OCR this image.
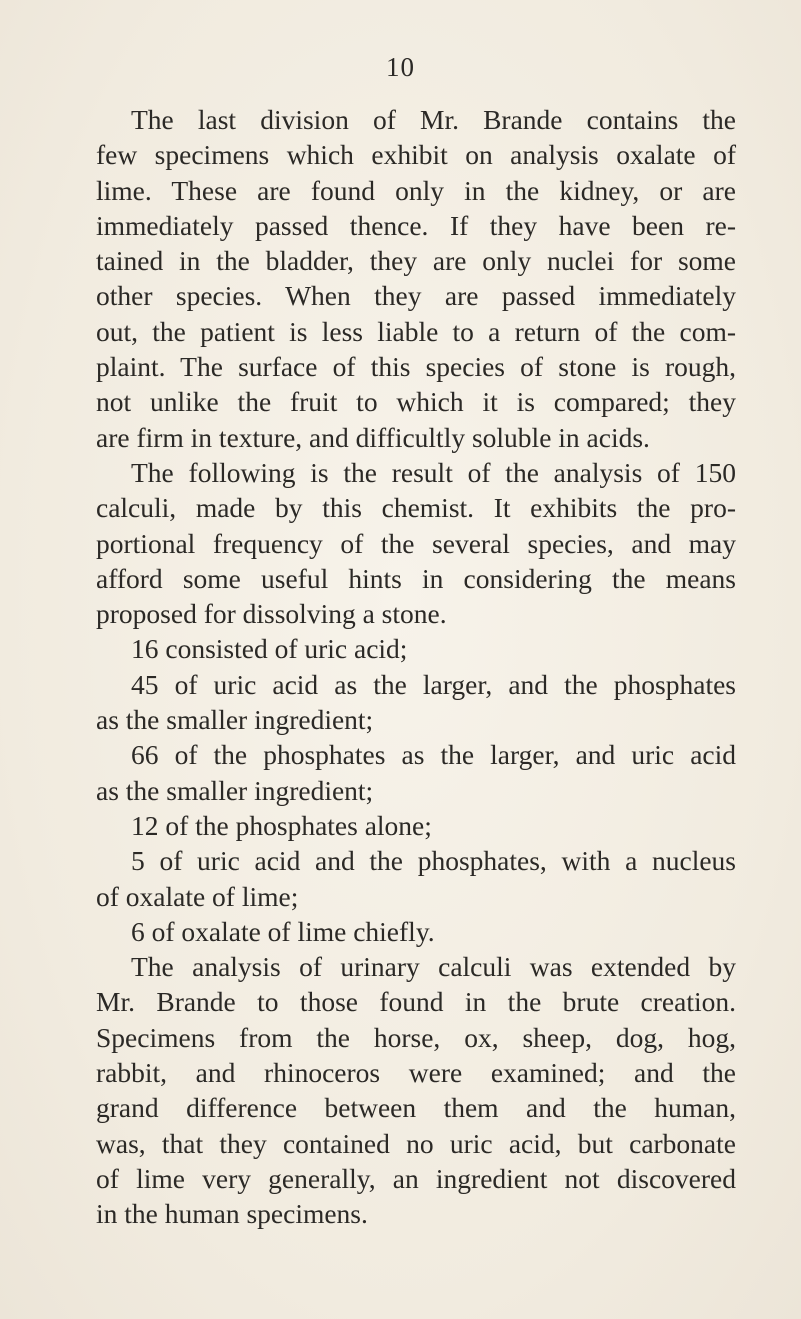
10
The last division of Mr. Brande contains the
few specimens which exhibit on analysis oxalate of
lime. These are found only in the kidney, or are
immediately passed thence. If they have been re-
tained in the bladder, they are only nuclei for some
other species. When they are passed immediately
out, the patient is less liable to a return of the com-
plaint. The surface of this species of stone is rough,
not unlike the fruit to which it is compared; they
are firm in texture, and difficultly soluble in acids.
The following is the result of the analysis of 150
calculi, made by this chemist. It exhibits the pro-
portional frequency of the several species, and may
afford some useful hints in considering the means
proposed for dissolving a stone.
16 consisted of uric acid;
45 of uric acid as the larger, and the phosphates
as the smaller ingredient;
66 of the phosphates as the larger, and uric acid
as the smaller ingredient;
12 of the phosphates alone;
5 of uric acid and the phosphates, with a nucleus
of oxalate of lime;
6 of oxalate of lime chiefly.
The analysis of urinary calculi was extended by
Mr. Brande to those found in the brute creation.
Specimens from the horse, ox, sheep, dog, hog,
rabbit, and rhinoceros were examined; and the
grand difference between them and the human,
was, that they contained no uric acid, but carbonate
of lime very generally, an ingredient not discovered
in the human specimens.
